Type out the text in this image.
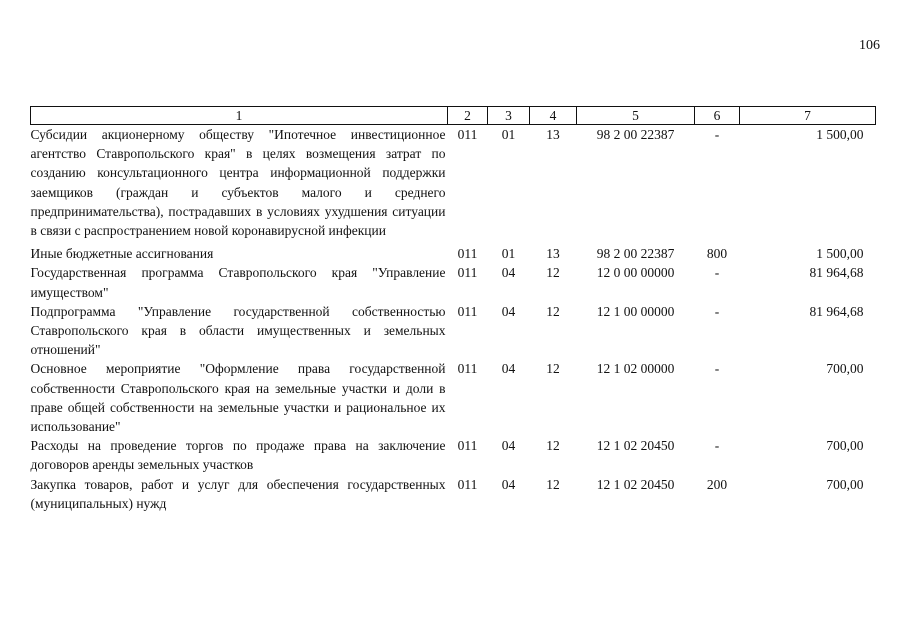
106
1	2	3	4	5	6	7
Субсидии акционерному обществу "Ипотечное инвестиционное агентство Ставропольского края" в целях возмещения затрат по созданию консультационного центра информационной поддержки заемщиков (граждан и субъектов малого и среднего предпринимательства), пострадавших в условиях ухудшения ситуации в связи с распространением новой коронавирусной инфекции	011	01	13	98 2 00 22387	-	1 500,00
Иные бюджетные ассигнования	011	01	13	98 2 00 22387	800	1 500,00
Государственная программа Ставропольского края "Управление имуществом"	011	04	12	12 0 00 00000	-	81 964,68
Подпрограмма "Управление государственной собственностью Ставропольского края в области имущественных и земельных отношений"	011	04	12	12 1 00 00000	-	81 964,68
Основное мероприятие "Оформление права государственной собственности Ставропольского края на земельные участки и доли в праве общей собственности на земельные участки и рациональное их использование"	011	04	12	12 1 02 00000	-	700,00
Расходы на проведение торгов по продаже права на заключение договоров аренды земельных участков	011	04	12	12 1 02 20450	-	700,00
Закупка товаров, работ и услуг для обеспечения государственных (муниципальных) нужд	011	04	12	12 1 02 20450	200	700,00
